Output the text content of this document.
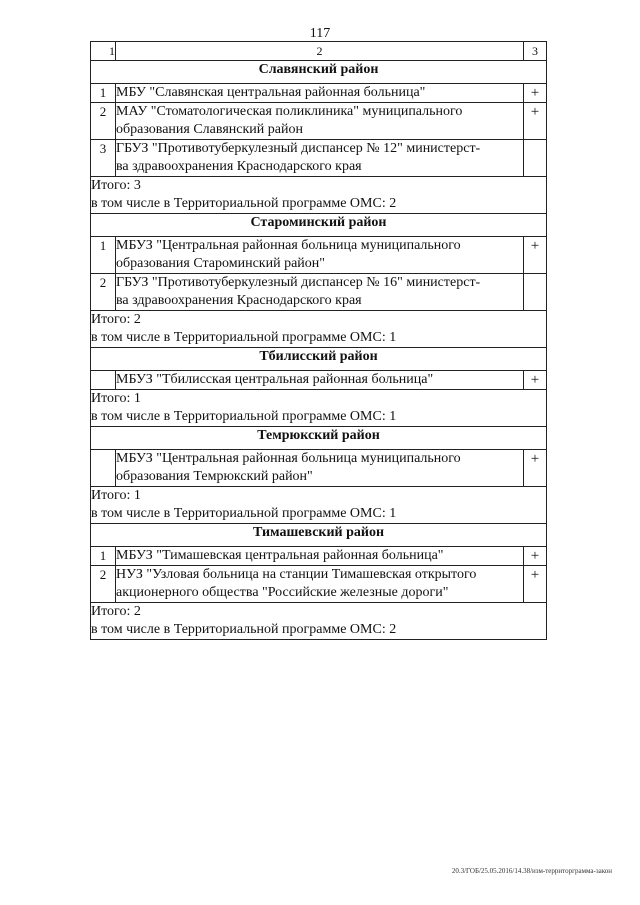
117
1	2	3
Славянский район		
1	МБУ "Славянская центральная районная больница"	+
2	МАУ "Стоматологическая поликлиника" муниципального
образования Славянский район	+
3	ГБУЗ "Противотуберкулезный диспансер № 12" министерст-
ва здравоохранения Краснодарского края	

Итого: 3
в том числе в Территориальной программе ОМС: 2		

Староминский район		
1	МБУЗ "Центральная районная больница муниципального
образования Староминский район"	+
2	ГБУЗ "Противотуберкулезный диспансер № 16" министерст-
ва здравоохранения Краснодарского края	

Итого: 2
в том числе в Территориальной программе ОМС: 1		

Тбилисский район		

	МБУЗ "Тбилисская центральная районная больница"	+

Итого: 1
в том числе в Территориальной программе ОМС: 1		

Темрюкский район		

	МБУЗ "Центральная районная больница муниципального
образования Темрюкский район"	+

Итого: 1
в том числе в Территориальной программе ОМС: 1		

Тимашевский район		
1	МБУЗ "Тимашевская центральная районная больница"	+
2	НУЗ "Узловая больница на станции Тимашевская открытого
акционерного общества "Российские железные дороги"	+

Итого: 2
в том числе в Территориальной программе ОМС: 2		
20.3/ГОБ/25.05.2016/14.38/изм-территорграмма-закон
